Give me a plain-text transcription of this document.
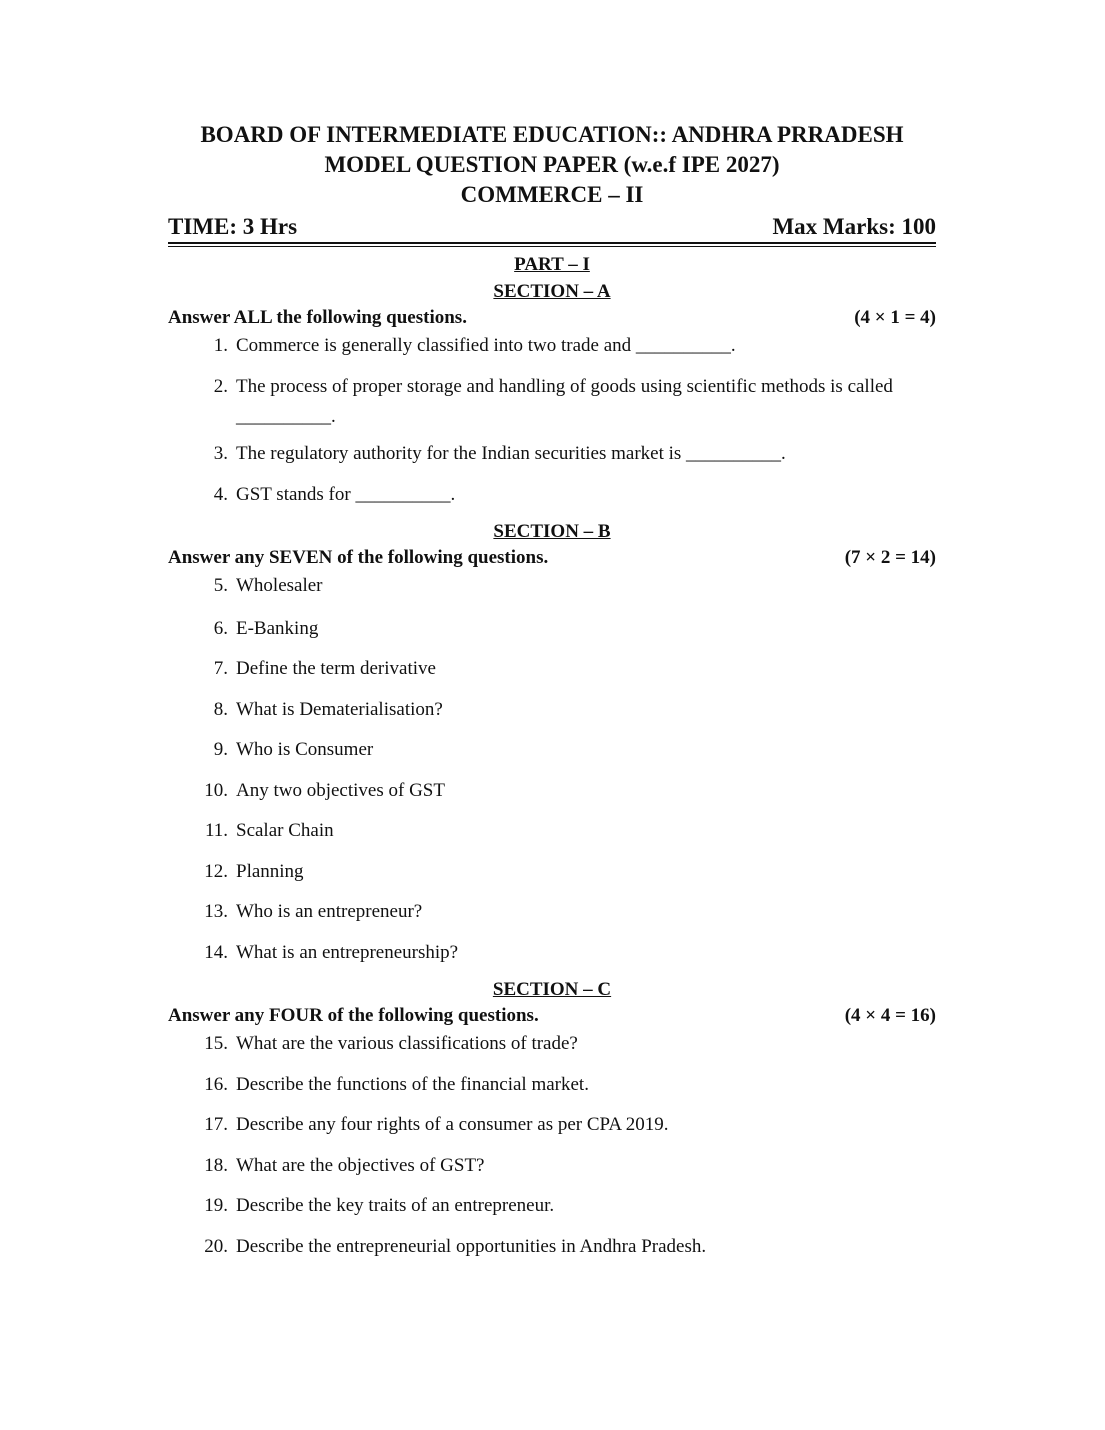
BOARD OF INTERMEDIATE EDUCATION:: ANDHRA PRRADESH

MODEL QUESTION PAPER (w.e.f IPE 2027)

COMMERCE – II

TIME: 3 Hrs	Max Marks: 100

PART – I

SECTION – A

Answer ALL the following questions.	(4 × 1 = 4)
1. Commerce is generally classified into two trade and __________.
2. The process of proper storage and handling of goods using scientific methods is called __________.
3. The regulatory authority for the Indian securities market is __________.
4. GST stands for __________.

SECTION – B

Answer any SEVEN of the following questions.	(7 × 2 = 14)
5. Wholesaler
6. E-Banking
7. Define the term derivative
8. What is Dematerialisation?
9. Who is Consumer
10. Any two objectives of GST
11. Scalar Chain
12. Planning
13. Who is an entrepreneur?
14. What is an entrepreneurship?

SECTION – C

Answer any FOUR of the following questions.	(4 × 4 = 16)
15. What are the various classifications of trade?
16. Describe the functions of the financial market.
17. Describe any four rights of a consumer as per CPA 2019.
18. What are the objectives of GST?
19. Describe the key traits of an entrepreneur.
20. Describe the entrepreneurial opportunities in Andhra Pradesh.
